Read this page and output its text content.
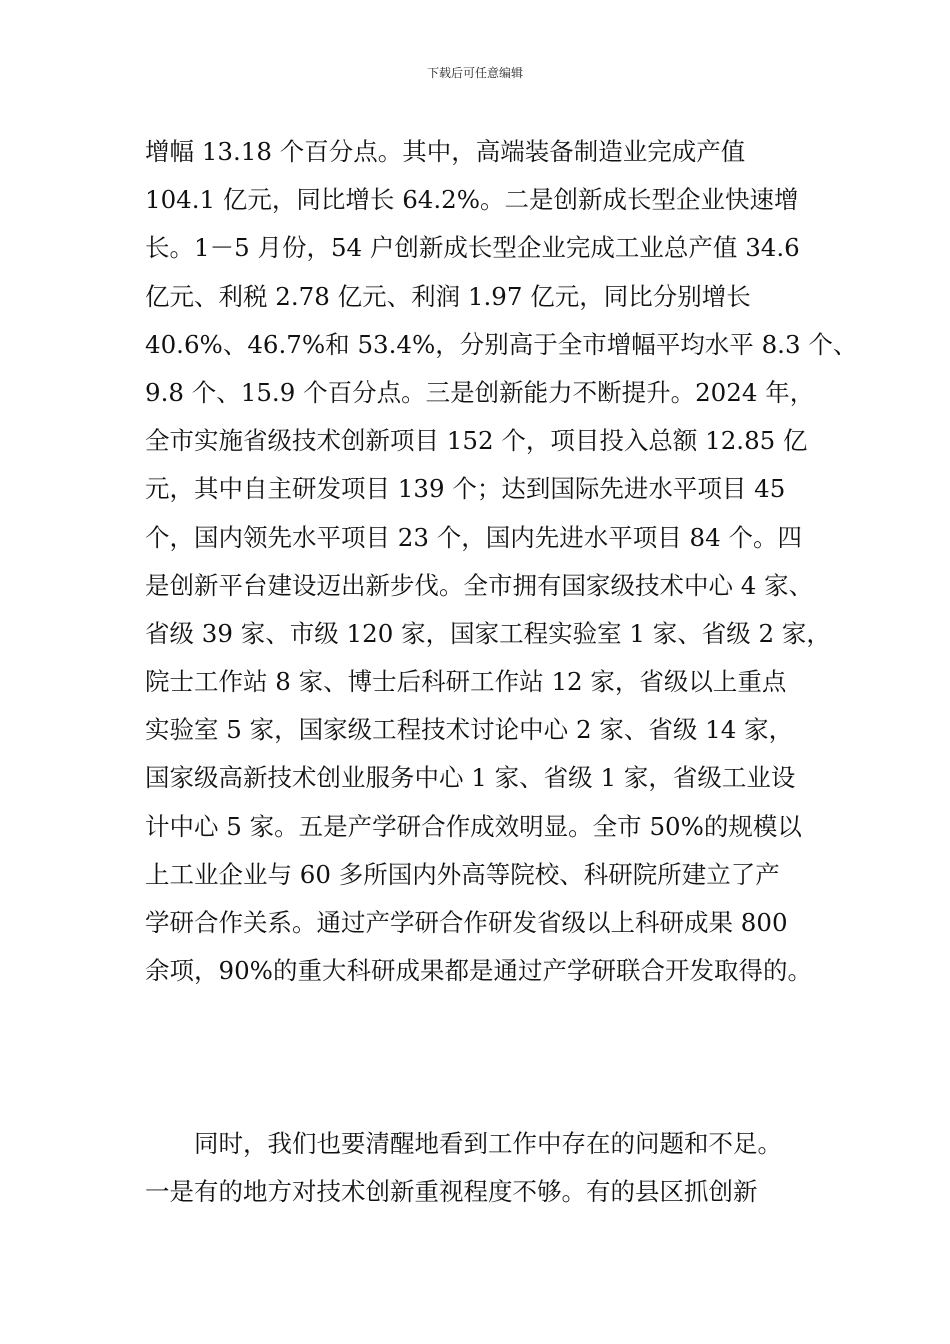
下载后可任意编辑
增幅 13.18 个百分点。其中，高端装备制造业完成产值
104.1 亿元，同比增长 64.2%。二是创新成长型企业快速增
长。1－5 月份，54 户创新成长型企业完成工业总产值 34.6
亿元、利税 2.78 亿元、利润 1.97 亿元，同比分别增长
40.6%、46.7%和 53.4%，分别高于全市增幅平均水平 8.3 个、
9.8 个、15.9 个百分点。三是创新能力不断提升。2024 年，
全市实施省级技术创新项目 152 个，项目投入总额 12.85 亿
元，其中自主研发项目 139 个；达到国际先进水平项目 45
个，国内领先水平项目 23 个，国内先进水平项目 84 个。四
是创新平台建设迈出新步伐。全市拥有国家级技术中心 4 家、
省级 39 家、市级 120 家，国家工程实验室 1 家、省级 2 家，
院士工作站 8 家、博士后科研工作站 12 家，省级以上重点
实验室 5 家，国家级工程技术讨论中心 2 家、省级 14 家，
国家级高新技术创业服务中心 1 家、省级 1 家，省级工业设
计中心 5 家。五是产学研合作成效明显。全市 50%的规模以
上工业企业与 60 多所国内外高等院校、科研院所建立了产
学研合作关系。通过产学研合作研发省级以上科研成果 800
余项，90%的重大科研成果都是通过产学研联合开发取得的。
同时，我们也要清醒地看到工作中存在的问题和不足。
一是有的地方对技术创新重视程度不够。有的县区抓创新
